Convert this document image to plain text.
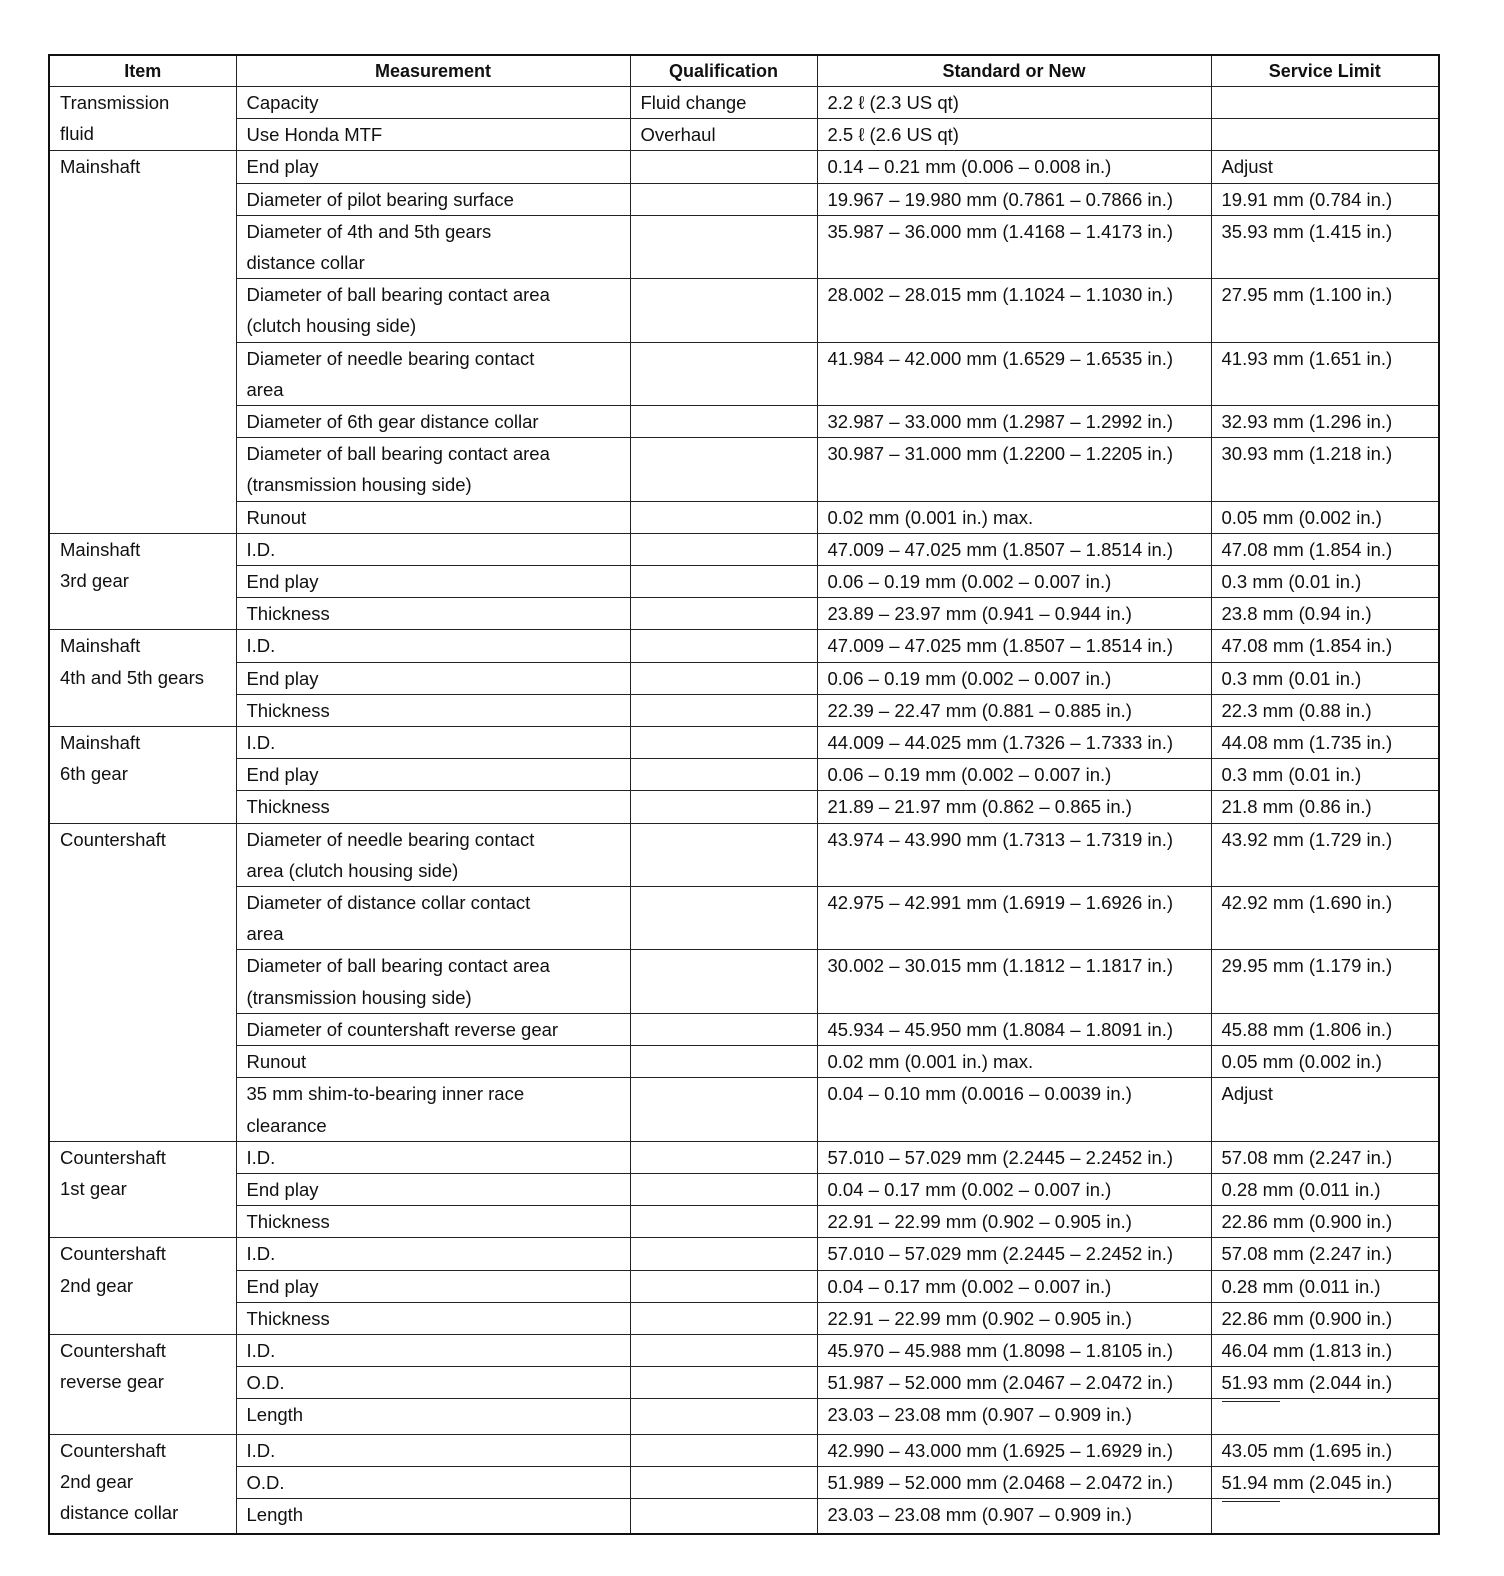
Item	Measurement	Qualification	Standard or New	Service Limit
Transmission
fluid	Capacity	Fluid change	2.2 ℓ (2.3 US qt)	
	Use Honda MTF	Overhaul	2.5 ℓ (2.6 US qt)	
Mainshaft	End play		0.14 – 0.21 mm (0.006 – 0.008 in.)	Adjust
	Diameter of pilot bearing surface		19.967 – 19.980 mm (0.7861 – 0.7866 in.)	19.91 mm (0.784 in.)
	Diameter of 4th and 5th gears
distance collar		35.987 – 36.000 mm (1.4168 – 1.4173 in.)	35.93 mm (1.415 in.)
	Diameter of ball bearing contact area
(clutch housing side)		28.002 – 28.015 mm (1.1024 – 1.1030 in.)	27.95 mm (1.100 in.)
	Diameter of needle bearing contact
area		41.984 – 42.000 mm (1.6529 – 1.6535 in.)	41.93 mm (1.651 in.)
	Diameter of 6th gear distance collar		32.987 – 33.000 mm (1.2987 – 1.2992 in.)	32.93 mm (1.296 in.)
	Diameter of ball bearing contact area
(transmission housing side)		30.987 – 31.000 mm (1.2200 – 1.2205 in.)	30.93 mm (1.218 in.)
	Runout		0.02 mm (0.001 in.) max.	0.05 mm (0.002 in.)
Mainshaft
3rd gear	I.D.		47.009 – 47.025 mm (1.8507 – 1.8514 in.)	47.08 mm (1.854 in.)
	End play		0.06 – 0.19 mm (0.002 – 0.007 in.)	0.3 mm (0.01 in.)
	Thickness		23.89 – 23.97 mm (0.941 – 0.944 in.)	23.8 mm (0.94 in.)
Mainshaft
4th and 5th gears	I.D.		47.009 – 47.025 mm (1.8507 – 1.8514 in.)	47.08 mm (1.854 in.)
	End play		0.06 – 0.19 mm (0.002 – 0.007 in.)	0.3 mm (0.01 in.)
	Thickness		22.39 – 22.47 mm (0.881 – 0.885 in.)	22.3 mm (0.88 in.)
Mainshaft
6th gear	I.D.		44.009 – 44.025 mm (1.7326 – 1.7333 in.)	44.08 mm (1.735 in.)
	End play		0.06 – 0.19 mm (0.002 – 0.007 in.)	0.3 mm (0.01 in.)
	Thickness		21.89 – 21.97 mm (0.862 – 0.865 in.)	21.8 mm (0.86 in.)
Countershaft	Diameter of needle bearing contact
area (clutch housing side)		43.974 – 43.990 mm (1.7313 – 1.7319 in.)	43.92 mm (1.729 in.)
	Diameter of distance collar contact
area		42.975 – 42.991 mm (1.6919 – 1.6926 in.)	42.92 mm (1.690 in.)
	Diameter of ball bearing contact area
(transmission housing side)		30.002 – 30.015 mm (1.1812 – 1.1817 in.)	29.95 mm (1.179 in.)
	Diameter of countershaft reverse gear		45.934 – 45.950 mm (1.8084 – 1.8091 in.)	45.88 mm (1.806 in.)
	Runout		0.02 mm (0.001 in.) max.	0.05 mm (0.002 in.)
	35 mm shim-to-bearing inner race
clearance		0.04 – 0.10 mm (0.0016 – 0.0039 in.)	Adjust
Countershaft
1st gear	I.D.		57.010 – 57.029 mm (2.2445 – 2.2452 in.)	57.08 mm (2.247 in.)
	End play		0.04 – 0.17 mm (0.002 – 0.007 in.)	0.28 mm (0.011 in.)
	Thickness		22.91 – 22.99 mm (0.902 – 0.905 in.)	22.86 mm (0.900 in.)
Countershaft
2nd gear	I.D.		57.010 – 57.029 mm (2.2445 – 2.2452 in.)	57.08 mm (2.247 in.)
	End play		0.04 – 0.17 mm (0.002 – 0.007 in.)	0.28 mm (0.011 in.)
	Thickness		22.91 – 22.99 mm (0.902 – 0.905 in.)	22.86 mm (0.900 in.)
Countershaft
reverse gear	I.D.		45.970 – 45.988 mm (1.8098 – 1.8105 in.)	46.04 mm (1.813 in.)
	O.D.		51.987 – 52.000 mm (2.0467 – 2.0472 in.)	51.93 mm (2.044 in.)
	Length		23.03 – 23.08 mm (0.907 – 0.909 in.)	
Countershaft
2nd gear
distance collar	I.D.		42.990 – 43.000 mm (1.6925 – 1.6929 in.)	43.05 mm (1.695 in.)
	O.D.		51.989 – 52.000 mm (2.0468 – 2.0472 in.)	51.94 mm (2.045 in.)
	Length		23.03 – 23.08 mm (0.907 – 0.909 in.)	
